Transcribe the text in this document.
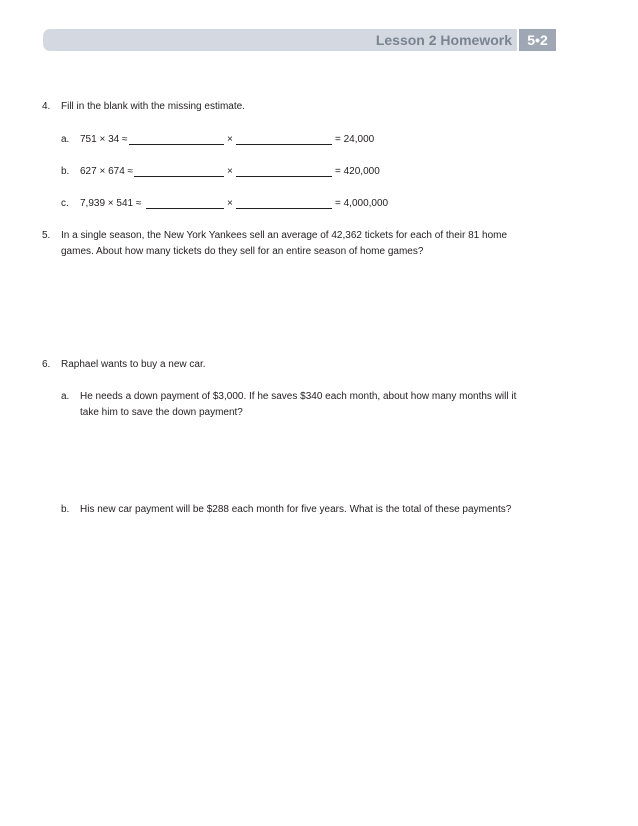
Lesson 2 Homework	5•2
4. Fill in the blank with the missing estimate.
a. 751 × 34 ≈	×	= 24,000
b. 627 × 674 ≈	×	= 420,000
c. 7,939 × 541 ≈	×	= 4,000,000
5. In a single season, the New York Yankees sell an average of 42,362 tickets for each of their 81 home
games. About how many tickets do they sell for an entire season of home games?
6. Raphael wants to buy a new car.
a. He needs a down payment of $3,000. If he saves $340 each month, about how many months will it
take him to save the down payment?
b. His new car payment will be $288 each month for five years. What is the total of these payments?
